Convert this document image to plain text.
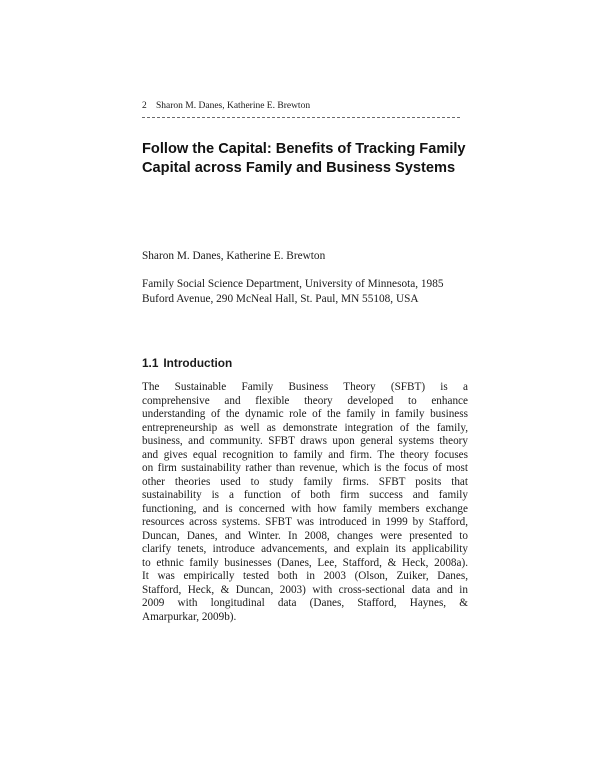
2 Sharon M. Danes, Katherine E. Brewton
Follow the Capital: Benefits of Tracking Family
Capital across Family and Business Systems
Sharon M. Danes, Katherine E. Brewton
Family Social Science Department, University of Minnesota, 1985
Buford Avenue, 290 McNeal Hall, St. Paul, MN 55108, USA
1.1 Introduction
The Sustainable Family Business Theory (SFBT) is a
comprehensive and flexible theory developed to enhance
understanding of the dynamic role of the family in family business
entrepreneurship as well as demonstrate integration of the family,
business, and community. SFBT draws upon general systems theory
and gives equal recognition to family and firm. The theory focuses
on firm sustainability rather than revenue, which is the focus of most
other theories used to study family firms. SFBT posits that
sustainability is a function of both firm success and family
functioning, and is concerned with how family members exchange
resources across systems. SFBT was introduced in 1999 by Stafford,
Duncan, Danes, and Winter. In 2008, changes were presented to
clarify tenets, introduce advancements, and explain its applicability
to ethnic family businesses (Danes, Lee, Stafford, & Heck, 2008a).
It was empirically tested both in 2003 (Olson, Zuiker, Danes,
Stafford, Heck, & Duncan, 2003) with cross-sectional data and in
2009 with longitudinal data (Danes, Stafford, Haynes, &
Amarpurkar, 2009b).
